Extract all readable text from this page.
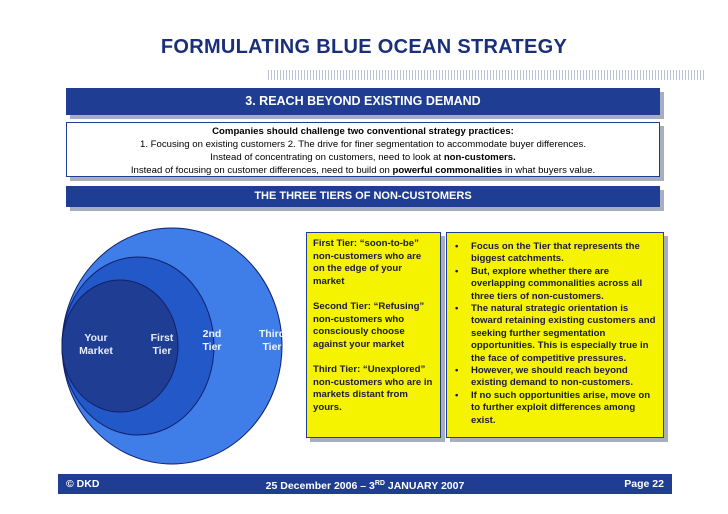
FORMULATING BLUE OCEAN STRATEGY
3. REACH BEYOND EXISTING DEMAND
Companies should challenge two conventional strategy practices:
1. Focusing on existing customers 2. The drive for finer segmentation to accommodate buyer differences.
Instead of concentrating on customers, need to look at non-customers.
Instead of focusing on customer differences, need to build on powerful commonalities in what buyers value.
THE THREE TIERS OF NON-CUSTOMERS
Your
Market
First
Tier
2nd
Tier
Third
Tier

First Tier: “soon-to-be” non-customers who are on the edge of your market

Second Tier: “Refusing” non-customers who consciously choose against your market

Third Tier: “Unexplored” non-customers who are in markets distant from yours.

• Focus on the Tier that represents the biggest catchments.
• But, explore whether there are overlapping commonalities across all three tiers of non-customers.
• The natural strategic orientation is toward retaining existing customers and seeking further segmentation opportunities. This is especially true in the face of competitive pressures.
• However, we should reach beyond existing demand to non-customers.
• If no such opportunities arise, move on to further exploit differences among exist.
© DKD	25 December 2006 – 3RD JANUARY 2007	Page 22
